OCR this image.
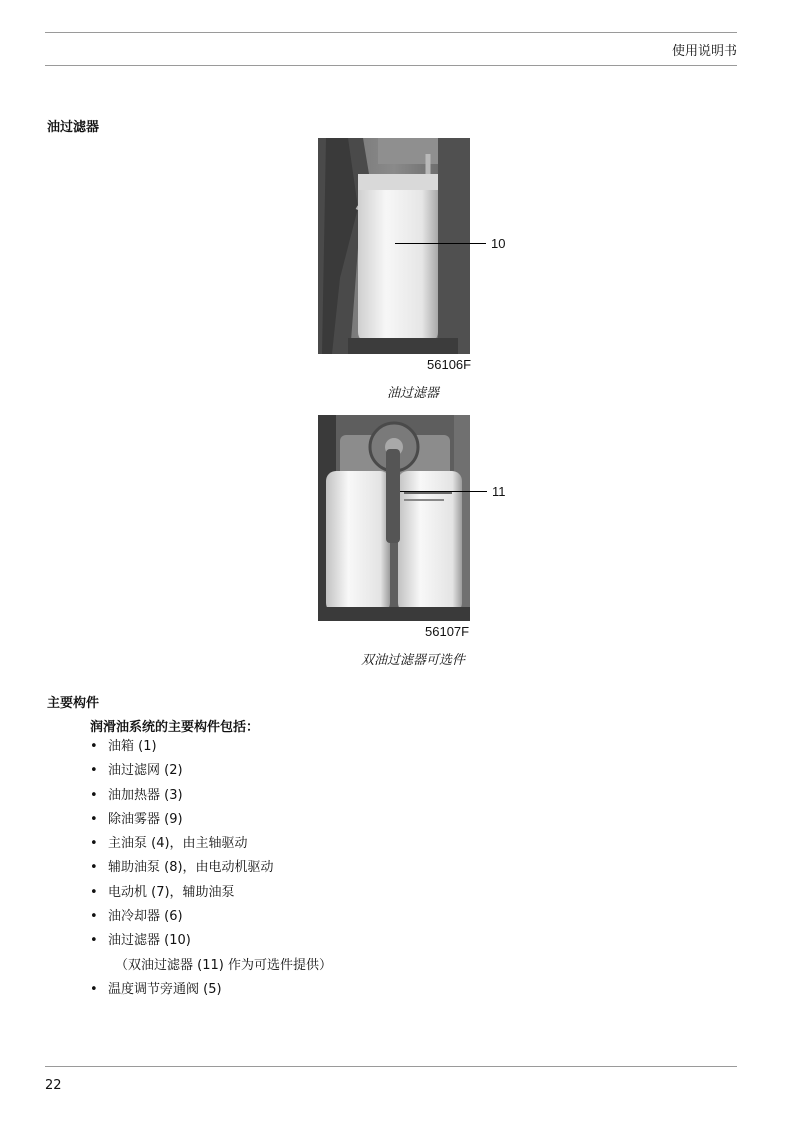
使用说明书
油过滤器
10
56106F
油过滤器
11
56107F
双油过滤器可选件
主要构件
润滑油系统的主要构件包括：
• 油箱 (1)
• 油过滤网 (2)
• 油加热器 (3)
• 除油雾器 (9)
• 主油泵 (4)，由主轴驱动
• 辅助油泵 (8)，由电动机驱动
• 电动机 (7)，辅助油泵
• 油冷却器 (6)
• 油过滤器 (10)
（双油过滤器 (11) 作为可选件提供）
• 温度调节旁通阀 (5)
22
